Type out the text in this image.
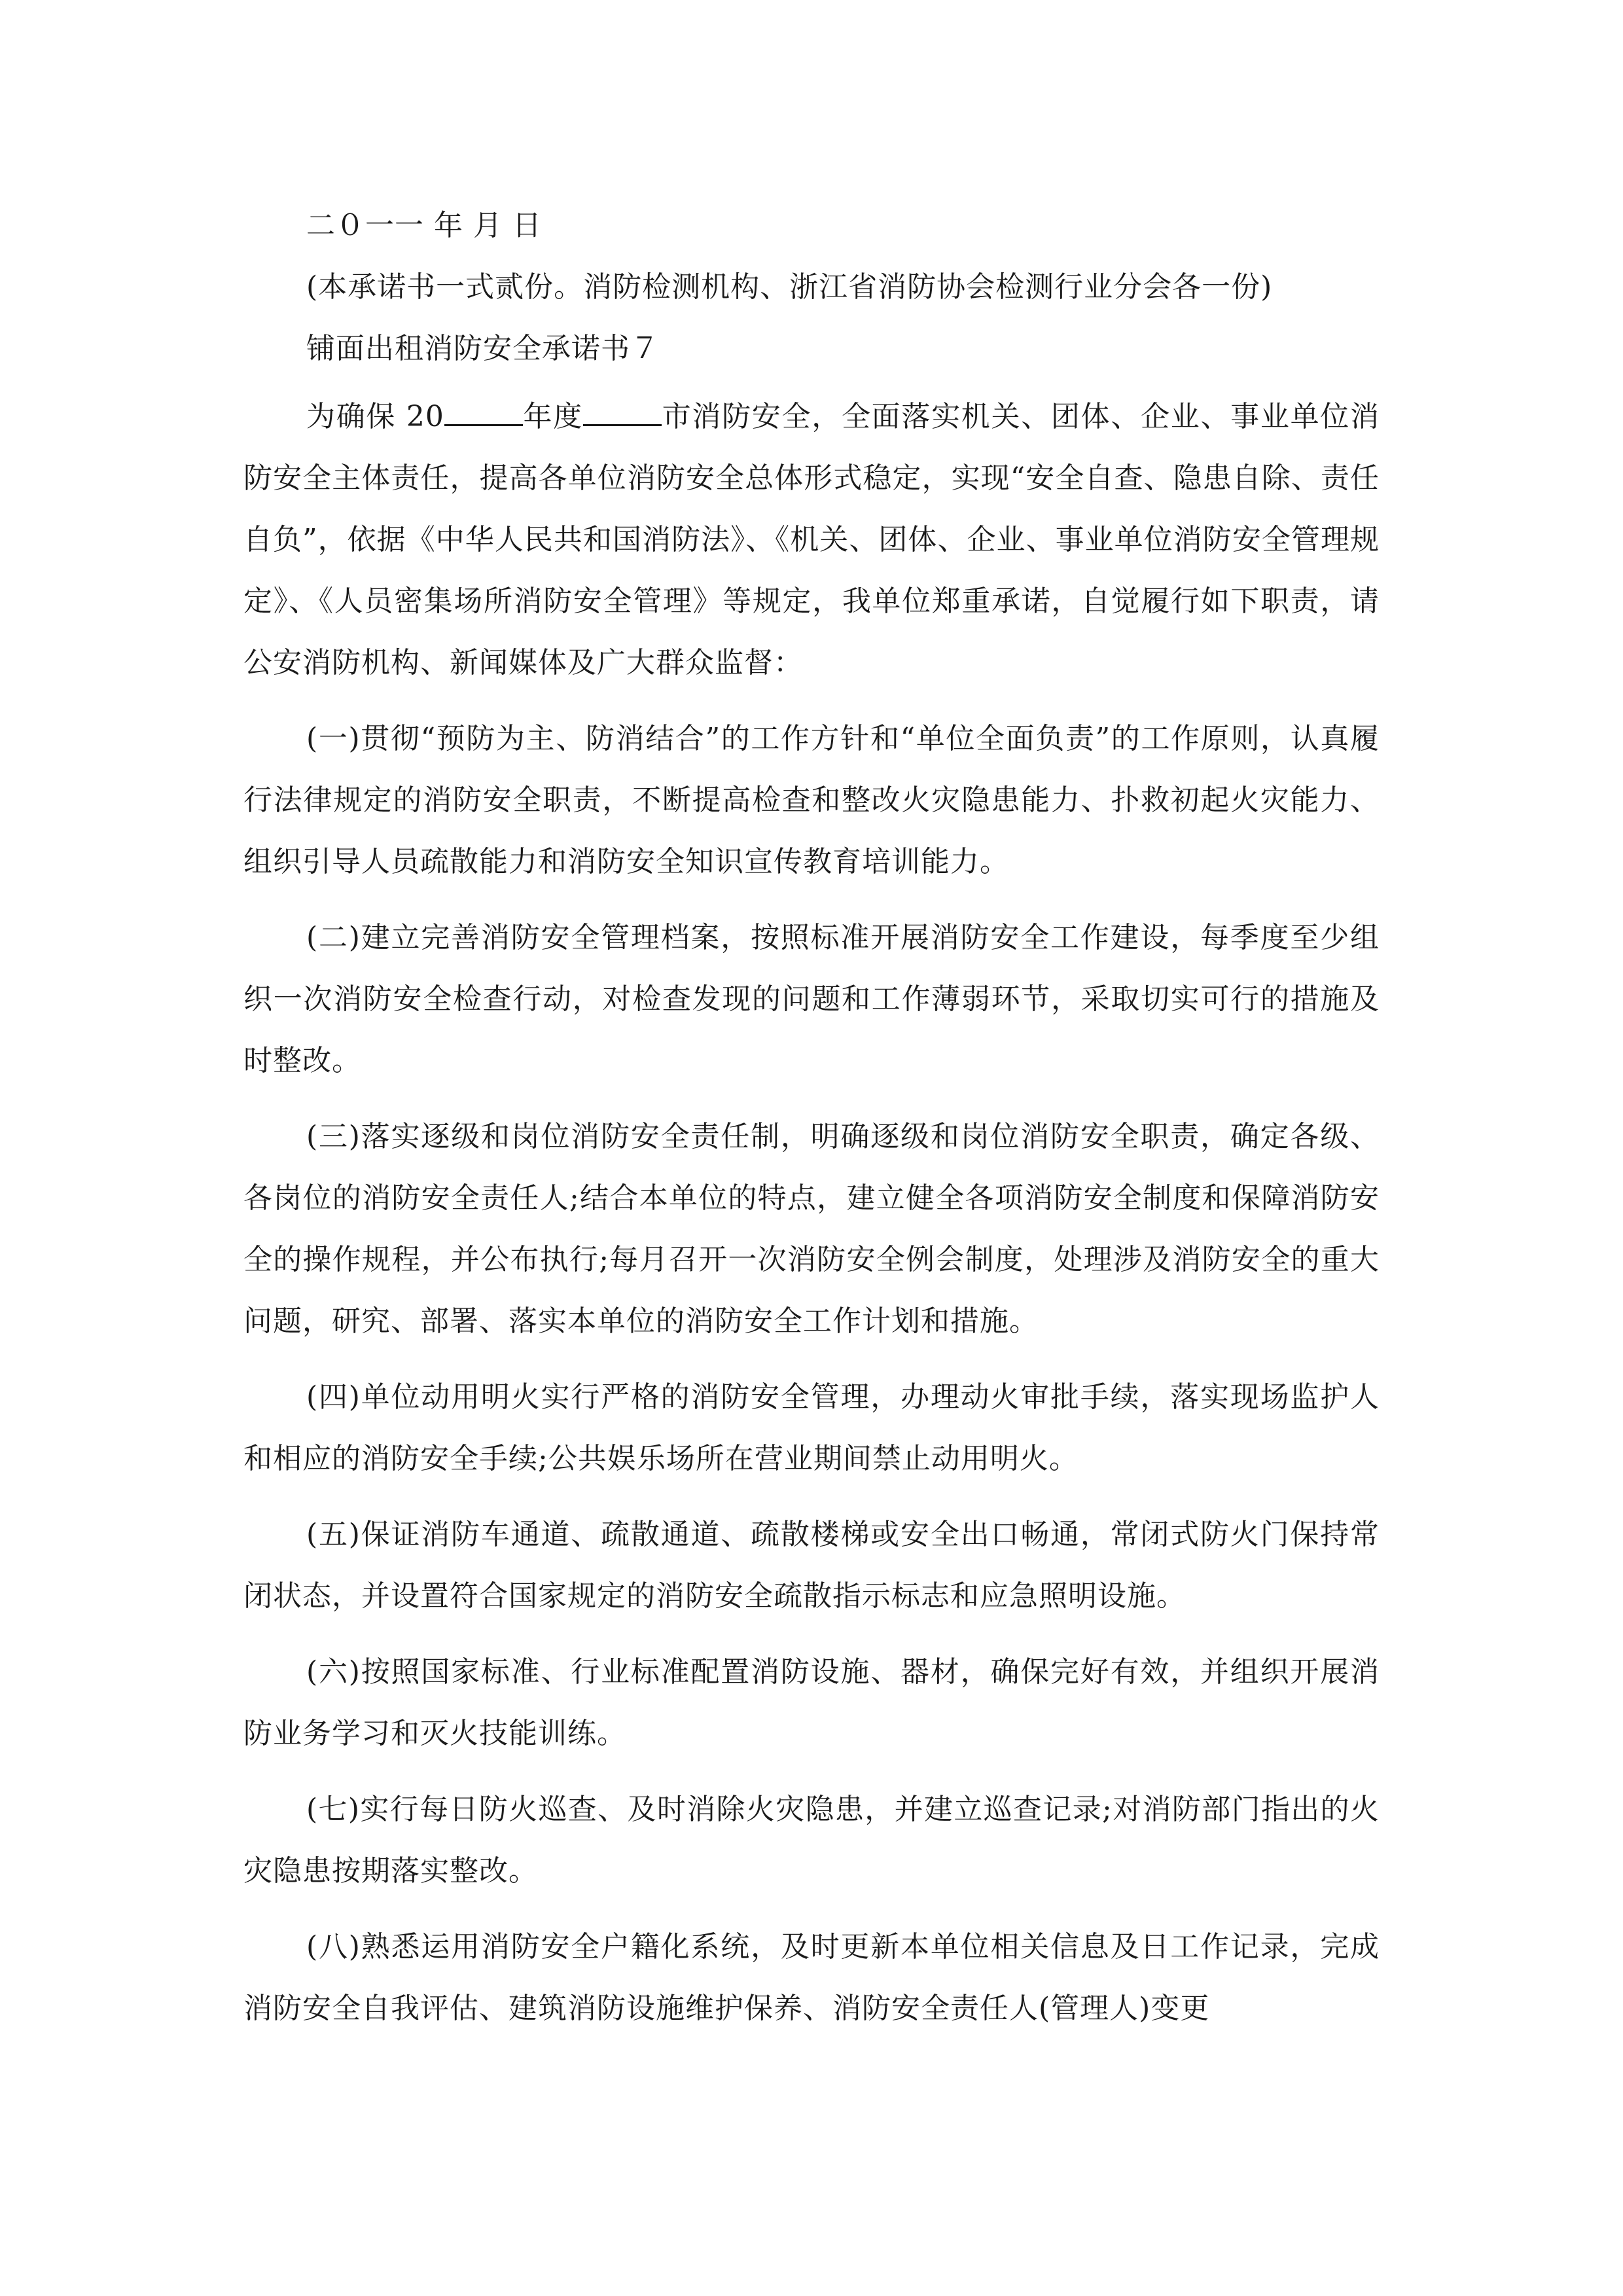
二０一一 年 月 日

(本承诺书一式贰份。消防检测机构、浙江省消防协会检测行业分会各一份)

铺面出租消防安全承诺书７

为确保 20	年度	市消防安全，全面落实机关、团体、企业、事业单位消防安全主体责任，提高各单位消防安全总体形式稳定，实现“安全自查、隐患自除、责任自负”，依据《中华人民共和国消防法》、《机关、团体、企业、事业单位消防安全管理规定》、《人员密集场所消防安全管理》等规定，我单位郑重承诺，自觉履行如下职责，请公安消防机构、新闻媒体及广大群众监督：

(一)贯彻“预防为主、防消结合”的工作方针和“单位全面负责”的工作原则，认真履行法律规定的消防安全职责，不断提高检查和整改火灾隐患能力、扑救初起火灾能力、组织引导人员疏散能力和消防安全知识宣传教育培训能力。

(二)建立完善消防安全管理档案，按照标准开展消防安全工作建设，每季度至少组织一次消防安全检查行动，对检查发现的问题和工作薄弱环节，采取切实可行的措施及时整改。

(三)落实逐级和岗位消防安全责任制，明确逐级和岗位消防安全职责，确定各级、各岗位的消防安全责任人;结合本单位的特点，建立健全各项消防安全制度和保障消防安全的操作规程，并公布执行;每月召开一次消防安全例会制度，处理涉及消防安全的重大问题，研究、部署、落实本单位的消防安全工作计划和措施。

(四)单位动用明火实行严格的消防安全管理，办理动火审批手续，落实现场监护人和相应的消防安全手续;公共娱乐场所在营业期间禁止动用明火。

(五)保证消防车通道、疏散通道、疏散楼梯或安全出口畅通，常闭式防火门保持常闭状态，并设置符合国家规定的消防安全疏散指示标志和应急照明设施。

(六)按照国家标准、行业标准配置消防设施、器材，确保完好有效，并组织开展消防业务学习和灭火技能训练。

(七)实行每日防火巡查、及时消除火灾隐患，并建立巡查记录;对消防部门指出的火灾隐患按期落实整改。

(八)熟悉运用消防安全户籍化系统，及时更新本单位相关信息及日工作记录，完成消防安全自我评估、建筑消防设施维护保养、消防安全责任人(管理人)变更
